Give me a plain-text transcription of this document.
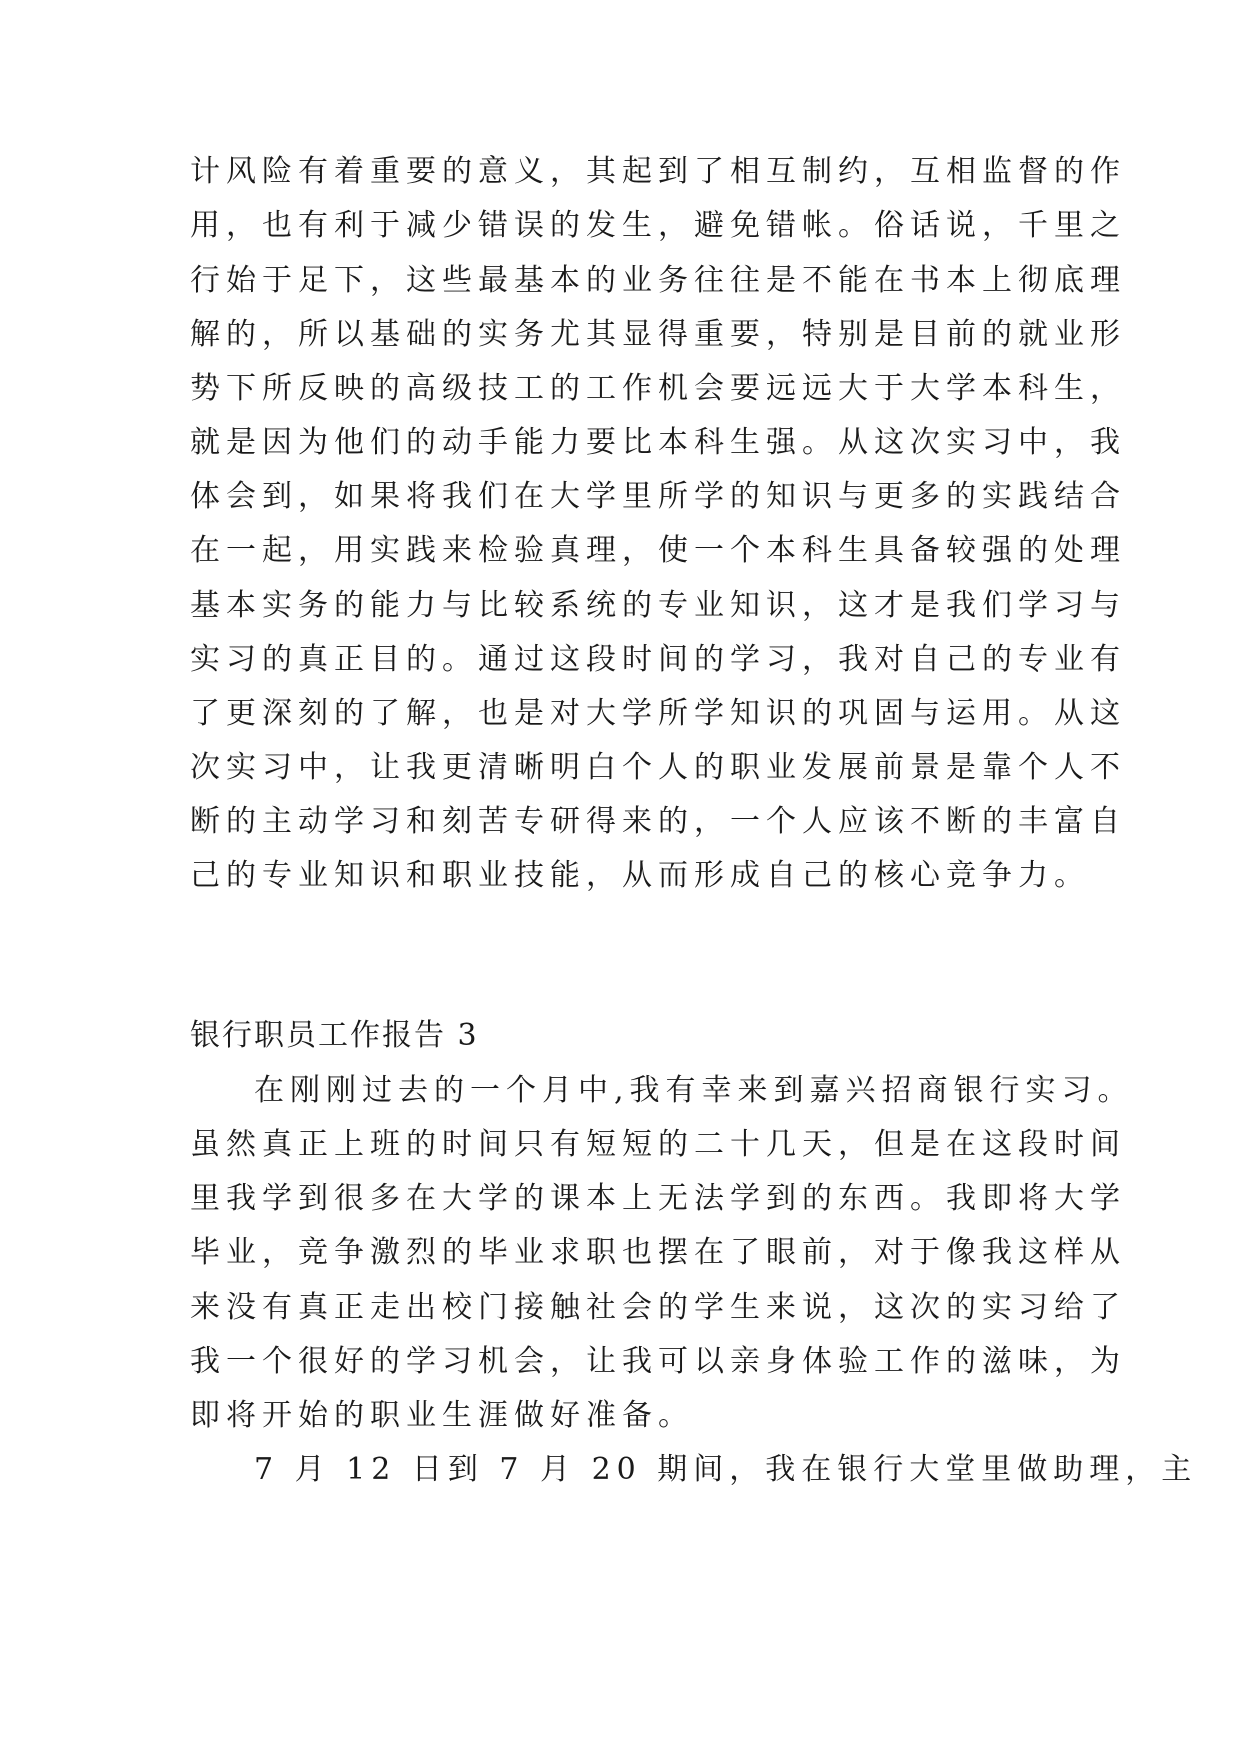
计风险有着重要的意义，其起到了相互制约，互相监督的作
用，也有利于减少错误的发生，避免错帐。俗话说，千里之
行始于足下，这些最基本的业务往往是不能在书本上彻底理
解的，所以基础的实务尤其显得重要，特别是目前的就业形
势下所反映的高级技工的工作机会要远远大于大学本科生，
就是因为他们的动手能力要比本科生强。从这次实习中，我
体会到，如果将我们在大学里所学的知识与更多的实践结合
在一起，用实践来检验真理，使一个本科生具备较强的处理
基本实务的能力与比较系统的专业知识，这才是我们学习与
实习的真正目的。通过这段时间的学习，我对自己的专业有
了更深刻的了解，也是对大学所学知识的巩固与运用。从这
次实习中，让我更清晰明白个人的职业发展前景是靠个人不
断的主动学习和刻苦专研得来的，一个人应该不断的丰富自
己的专业知识和职业技能，从而形成自己的核心竞争力。
银行职员工作报告 3
在刚刚过去的一个月中,我有幸来到嘉兴招商银行实习。
虽然真正上班的时间只有短短的二十几天，但是在这段时间
里我学到很多在大学的课本上无法学到的东西。我即将大学
毕业，竞争激烈的毕业求职也摆在了眼前，对于像我这样从
来没有真正走出校门接触社会的学生来说，这次的实习给了
我一个很好的学习机会，让我可以亲身体验工作的滋味，为
即将开始的职业生涯做好准备。
7 月 12 日到 7 月 20 期间，我在银行大堂里做助理，主
